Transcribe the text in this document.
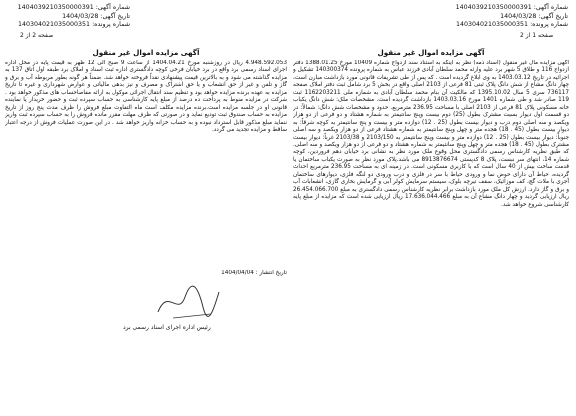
شماره آگهی: 1404039210350000391
تاریخ آگهی: 1404/03/28
شماره پرونده: 140304021035000351
شماره آگهی: 1404039210350000391
تاریخ آگهی: 1404/03/28
شماره پرونده: 140304021035000351
صفحه 2 از 2	صفحه 1 از 2
آگهی مزایده اموال غیر منقول
4.948.592.053 ریال در روزشنبه مورخ 1404.04.21 از ساعت 9 صبح الی 12 ظهر به قیمت پایه در محل اداره اجرای اسناد رسمی برد واقع در برد خیابان فرخی کوچه دادگستری اداره ثبت اسناد و املاک برد طبقه اول اتاق 137 به مزایده گذاشته می شود و به بالاترین قیمت پیشنهادی نقداً فروخته خواهد شد. ضمناً هر گونه بطور مربوطه آب و برق و گاز و تلفن و غیر از حق انشعاب و یا حق اشتراک و مصرف و نیز بدهی مالیاتی و عوارض شهرداری و غیره تا تاریخ مزایده به عهده برنده مزایده خواهد بود و تنظیم سند انتقال اجرائی موکول به ارائه مفاصاحساب های مذکور خواهد بود . شرکت در مزایده منوط به پرداخت ده درصد از مبلغ پایه کارشناسی به حساب سپرده ثبت و حضور خریدار یا نماینده قانونی او در جلسه مزایده است.برنده مزایده مکلف است ماه التفاوت مبلغ فروش را ظرف مدت پنج روز از تاریخ مزایده به حساب صندوق ثبت تودیع نماید و در صورتی که ظرف مهلت مقرر مانده فروش را به حساب سپرده ثبت واریز ننماید مبلغ مذکور قابل استرداد نبوده و به حساب خزانه واریز خواهد شد . در این صورت عملیات فروش از درجه اعتبار ساقط و مزایده تجدید می گردد.
تاریخ انتشار : 1404/04/04
رئیس اداره اجرای اسناد رسمی برد
آگهی مزایده اموال غیر منقول
آگهی مزایده مال غیر منقول (اسناد ذمه) نظر به اینکه به استناد سند ازدواج شماره 10409 مورخ 1388.01.25 دفتر ازدواج 116 و طلاق 5 شهر برد علیه وارثه محمد سلطان آبادی فرزند عباس به شماره پرونده 140300374 تشکیل و اجرائیه در تاریخ 1403.03.12 به وی ابلاغ گردیده است . که پس از طی تشریفات قانونی مورد بازداشت مبارن است، چهار دانگ مشاع از شش دانگ پلاک ثبتی 81 فرعی از 2103 اصلی واقع در بخش 5 برد شامل ثبت دفتر املاک صفحه 736117 سری 5 سال 1395.10.02 که مالکیت آن بنام محمد سلطان آبادی به شماره ملی 1162203211 ثبت 119 صادر شد و طی شماره 1401 مورخ 1403.03.16 بازداشت گردیده است. مشخصات ملک: شش دانگ یکباب خانه مسکونی پلاک 81 فرعی از 2103 اصلی با مساحت 236.95 مترمربع. حدود و مشخصات شش دانگ: شمالاً: در دو قسمت اول دیوار بسیت مشترک بطول (25) دوم بیست وپنج سانتیمتر به شماره هشتاد و دو فرعی از دو هزار ویکصد و سه اصلی دوم درب و دیوار بیست بطول (25 . 12) دوازده متر و بیست و پنج سانتیمتر به کوچه شرقاً: به دیوار بیست بطول (45 . 18) هجده متر و چهل وپنج سانتیمتر به شماره هشتاد فرعی از دو هزار ویکصد و سه اصلی جنوباً: دیوار بیست بطول (25 . 12) دوازده متر و بیست وپنج سانتیمتر به 2103/150 و 2103/38 غرباً: دیوار بیست مشترک بطول (45 . 18) هجده متر و چهل وپنج سانتیمتر به شماره هشتاد و دو فرعی از دو هزار ویکصد و سه اصلی. که طبق نظریه کارشناس رسمی دادگستری محل وقوع ملک مورد نظر به نشانی برد خیابان دهم فروردین، کوچه شماره 14، انتهای سر نبست، پلاک 8 کدپستی 8913876674 می باشد.پلاک مورد نظر به صورت یکباب ساختمان یا قدمت ساخت بیش از 40 سال است که با کاربری مسکونی است. در زمینه ای به مساحت 236.95 مترمربع احداث گردیده، حیاط آن دارای حوض نما و ورودی حیاط با سر در فلزی و درب ورودی دو لنگه فلزی، دیوارهای ساختمان آجری با ملات گچ، کف موزائیک، سقف تیرچه بلوک، سیستم سرمایش کولر آبی و گرمایش بخاری گازی، انشعابات آب و برق و گاز دارد. ارزش کل ملک مورد بازداشت برابر نظریه کارشناس رسمی دادگستری به مبلغ 26.454.066.700 ریال ارزیابی گردید و چهار دانگ مشاع آن به مبلغ 17.636.044.466 ریال ارزیابی شده است که مزایده از مبلغ پایه کارشناسی شروع خواهد شد.
